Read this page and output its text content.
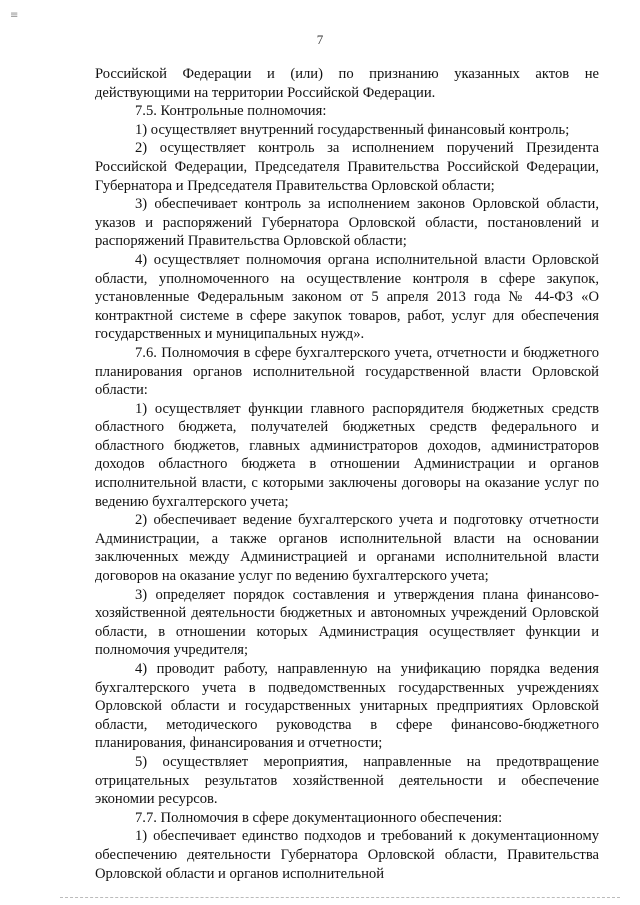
≡
7

Российской Федерации и (или) по признанию указанных актов не действующими на территории Российской Федерации.

7.5. Контрольные полномочия:

1) осуществляет внутренний государственный финансовый контроль;

2) осуществляет контроль за исполнением поручений Президента Российской Федерации, Председателя Правительства Российской Федерации, Губернатора и Председателя Правительства Орловской области;

3) обеспечивает контроль за исполнением законов Орловской области, указов и распоряжений Губернатора Орловской области, постановлений и распоряжений Правительства Орловской области;

4) осуществляет полномочия органа исполнительной власти Орловской области, уполномоченного на осуществление контроля в сфере закупок, установленные Федеральным законом от 5 апреля 2013 года № 44-ФЗ «О контрактной системе в сфере закупок товаров, работ, услуг для обеспечения государственных и муниципальных нужд».

7.6. Полномочия в сфере бухгалтерского учета, отчетности и бюджетного планирования органов исполнительной государственной власти Орловской области:

1) осуществляет функции главного распорядителя бюджетных средств областного бюджета, получателей бюджетных средств федерального и областного бюджетов, главных администраторов доходов, администраторов доходов областного бюджета в отношении Администрации и органов исполнительной власти, с которыми заключены договоры на оказание услуг по ведению бухгалтерского учета;

2) обеспечивает ведение бухгалтерского учета и подготовку отчетности Администрации, а также органов исполнительной власти на основании заключенных между Администрацией и органами исполнительной власти договоров на оказание услуг по ведению бухгалтерского учета;

3) определяет порядок составления и утверждения плана финансово-хозяйственной деятельности бюджетных и автономных учреждений Орловской области, в отношении которых Администрация осуществляет функции и полномочия учредителя;

4) проводит работу, направленную на унификацию порядка ведения бухгалтерского учета в подведомственных государственных учреждениях Орловской области и государственных унитарных предприятиях Орловской области, методического руководства в сфере финансово-бюджетного планирования, финансирования и отчетности;

5) осуществляет мероприятия, направленные на предотвращение отрицательных результатов хозяйственной деятельности и обеспечение экономии ресурсов.

7.7. Полномочия в сфере документационного обеспечения:

1) обеспечивает единство подходов и требований к документационному обеспечению деятельности Губернатора Орловской области, Правительства Орловской области и органов исполнительной
